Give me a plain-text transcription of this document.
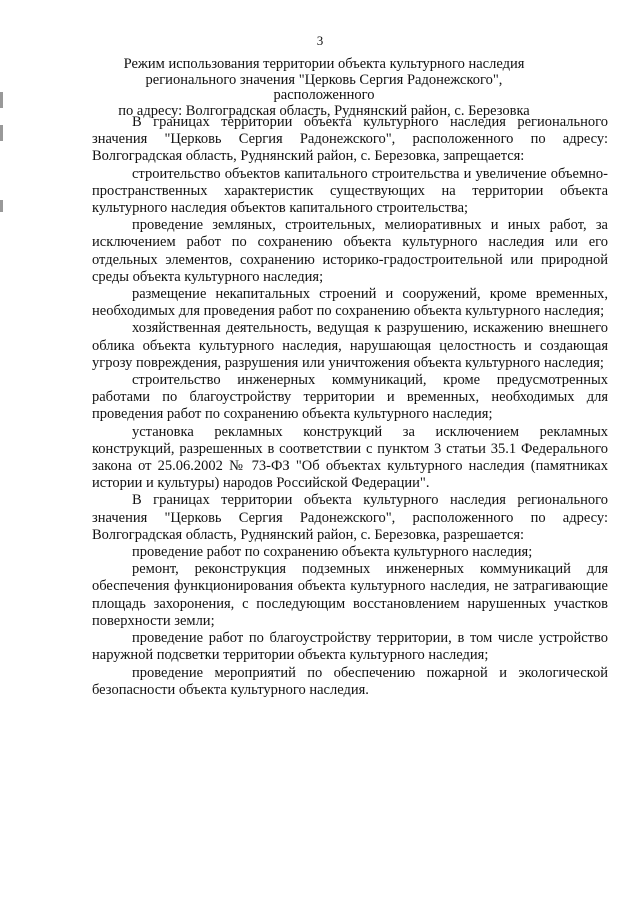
3
Режим использования территории объекта культурного наследия
регионального значения "Церковь Сергия Радонежского", расположенного
по адресу: Волгоградская область, Руднянский район, с. Березовка

В границах территории объекта культурного наследия регионального значения "Церковь Сергия Радонежского", расположенного по адресу: Волгоградская область, Руднянский район, с. Березовка, запрещается:

строительство объектов капитального строительства и увеличение объемно-пространственных характеристик существующих на территории объекта культурного наследия объектов капитального строительства;

проведение земляных, строительных, мелиоративных и иных работ, за исключением работ по сохранению объекта культурного наследия или его отдельных элементов, сохранению историко-градостроительной или природной среды объекта культурного наследия;

размещение некапитальных строений и сооружений, кроме временных, необходимых для проведения работ по сохранению объекта культурного наследия;

хозяйственная деятельность, ведущая к разрушению, искажению внешнего облика объекта культурного наследия, нарушающая целостность и создающая угрозу повреждения, разрушения или уничтожения объекта культурного наследия;

строительство инженерных коммуникаций, кроме предусмотренных работами по благоустройству территории и временных, необходимых для проведения работ по сохранению объекта культурного наследия;

установка рекламных конструкций за исключением рекламных конструкций, разрешенных в соответствии с пунктом 3 статьи 35.1 Федерального закона от 25.06.2002 № 73-ФЗ "Об объектах культурного наследия (памятниках истории и культуры) народов Российской Федерации".

В границах территории объекта культурного наследия регионального значения "Церковь Сергия Радонежского", расположенного по адресу: Волгоградская область, Руднянский район, с. Березовка, разрешается:

проведение работ по сохранению объекта культурного наследия;

ремонт, реконструкция подземных инженерных коммуникаций для обеспечения функционирования объекта культурного наследия, не затрагивающие площадь захоронения, с последующим восстановлением нарушенных участков поверхности земли;

проведение работ по благоустройству территории, в том числе устройство наружной подсветки территории объекта культурного наследия;

проведение мероприятий по обеспечению пожарной и экологической безопасности объекта культурного наследия.
